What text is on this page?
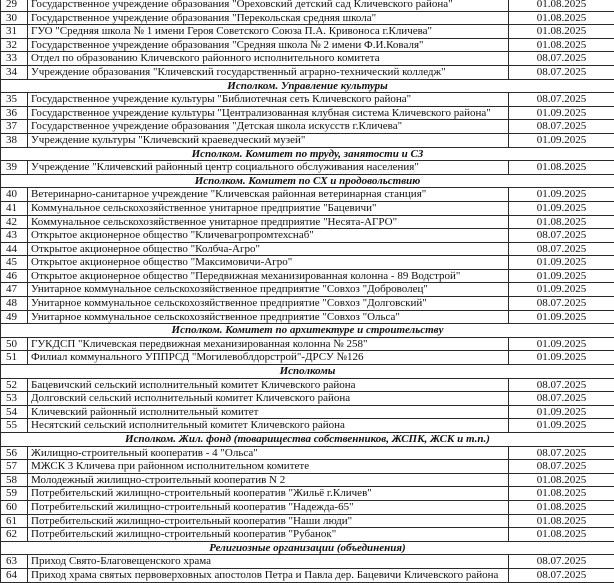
29	Государственное учреждение образования "Ореховский детский сад Кличевского района"	01.08.2025
30	Государственное учреждение образования "Перекольская средняя школа"	01.08.2025
31	ГУО "Средняя школа № 1 имени Героя Советского Союза П.А. Кривоноса г.Кличева"	01.08.2025
32	Государственное учреждение образования "Средняя школа № 2 имени Ф.И.Коваля"	01.08.2025
33	Отдел по образованию Кличевского районного исполнительного комитета	08.07.2025
34	Учреждение образования "Кличевский государственный аграрно-технический колледж"	08.07.2025
Исполком. Управление культуры		
35	Государственное учреждение культуры "Библиотечная сеть Кличевского района"	08.07.2025
36	Государственное учреждение культуры "Централизованная клубная система Кличевского района"	01.09.2025
37	Государственное учреждение образования "Детская школа искусств г.Кличева"	08.07.2025
38	Учреждение культуры "Кличевский краеведческий музей"	01.09.2025
Исполком. Комитет по труду, занятости и СЗ		
39	Учреждение "Кличевский районный центр социального обслуживания населения"	01.08.2025
Исполком. Комитет по СХ и продовольствию		
40	Ветеринарно-санитарное учреждение "Кличевская районная ветеринарная станция"	01.09.2025
41	Коммунальное сельскохозяйственное унитарное предприятие "Бацевичи"	01.09.2025
42	Коммунальное сельскохозяйственное унитарное предприятие "Несята-АГРО"	01.08.2025
43	Открытое акционерное общество "Кличевагропромтехснаб"	08.07.2025
44	Открытое акционерное общество "Колбча-Агро"	08.07.2025
45	Открытое акционерное общество "Максимовичи-Агро"	01.09.2025
46	Открытое акционерное общество "Передвижная механизированная колонна - 89 Водстрой"	01.09.2025
47	Унитарное коммунальное сельскохозяйственное предприятие "Совхоз "Доброволец"	01.09.2025
48	Унитарное коммунальное сельскохозяйственное предприятие "Совхоз "Долговский"	08.07.2025
49	Унитарное коммунальное сельскохозяйственное предприятие "Совхоз "Ольса"	01.09.2025
Исполком. Комитет по архитектуре и строительству		
50	ГУКДСП "Кличевская передвижная механизированная колонна № 258"	01.09.2025
51	Филиал коммунального УППРСД "Могилевоблдорстрой"-ДРСУ №126	01.09.2025
Исполкомы		
52	Бацевичский сельский исполнительный комитет Кличевского района	08.07.2025
53	Долговский сельский исполнительный комитет Кличевского района	08.07.2025
54	Кличевский районный исполнительный комитет	01.09.2025
55	Несятский сельский исполнительный комитет Кличевского района	01.09.2025
Исполком. Жил. фонд (товарищества собственников, ЖСПК, ЖСК и т.п.)		
56	Жилищно-строительный кооператив - 4 "Ольса"	08.07.2025
57	МЖСК 3 Кличева при районном исполнительном комитете	08.07.2025
58	Молодежный жилищно-строительный кооператив N 2	01.08.2025
59	Потребительский жилищно-строительный кооператив "Жильё г.Кличев"	01.08.2025
60	Потребительский жилищно-строительный кооператив "Надежда-65"	01.08.2025
61	Потребительский жилищно-строительный кооператив "Наши люди"	01.08.2025
62	Потребительский жилищно-строительный кооператив "Рубанок"	01.08.2025
Религиозные организации (объединения)		
63	Приход Свято-Благовещенского храма	08.07.2025
64	Приход храма святых первоверховных апостолов Петра и Павла дер. Бацевичи Кличевского района	08.07.2025
